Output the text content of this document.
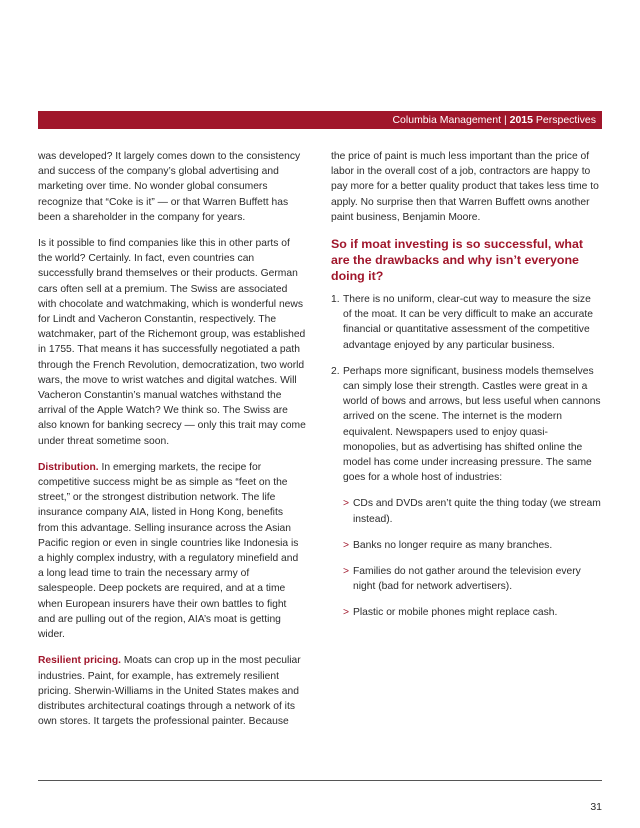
Columbia Management | 2015 Perspectives

was developed? It largely comes down to the consistency and success of the company’s global advertising and marketing over time. No wonder global consumers recognize that “Coke is it” — or that Warren Buffett has been a shareholder in the company for years.

Is it possible to find companies like this in other parts of the world? Certainly. In fact, even countries can successfully brand themselves or their products. German cars often sell at a premium. The Swiss are associated with chocolate and watchmaking, which is wonderful news for Lindt and Vacheron Constantin, respectively. The watchmaker, part of the Richemont group, was established in 1755. That means it has successfully negotiated a path through the French Revolution, democratization, two world wars, the move to wrist watches and digital watches. Will Vacheron Constantin’s manual watches withstand the arrival of the Apple Watch? We think so. The Swiss are also known for banking secrecy — only this trait may come under threat sometime soon.

Distribution. In emerging markets, the recipe for competitive success might be as simple as “feet on the street,” or the strongest distribution network. The life insurance company AIA, listed in Hong Kong, benefits from this advantage. Selling insurance across the Asian Pacific region or even in single countries like Indonesia is a highly complex industry, with a regulatory minefield and a long lead time to train the necessary army of salespeople. Deep pockets are required, and at a time when European insurers have their own battles to fight and are pulling out of the region, AIA’s moat is getting wider.

Resilient pricing. Moats can crop up in the most peculiar industries. Paint, for example, has extremely resilient pricing. Sherwin-Williams in the United States makes and distributes architectural coatings through a network of its own stores. It targets the professional painter. Because

the price of paint is much less important than the price of labor in the overall cost of a job, contractors are happy to pay more for a better quality product that takes less time to apply. No surprise then that Warren Buffett owns another paint business, Benjamin Moore.

So if moat investing is so successful, what are the drawbacks and why isn’t everyone doing it?
1. There is no uniform, clear-cut way to measure the size of the moat. It can be very difficult to make an accurate financial or quantitative assessment of the competitive advantage enjoyed by any particular business.
2. Perhaps more significant, business models themselves can simply lose their strength. Castles were great in a world of bows and arrows, but less useful when cannons arrived on the scene. The internet is the modern equivalent. Newspapers used to enjoy quasi-monopolies, but as advertising has shifted online the model has come under increasing pressure. The same goes for a whole host of industries:
> CDs and DVDs aren’t quite the thing today (we stream instead).
> Banks no longer require as many branches.
> Families do not gather around the television every night (bad for network advertisers).
> Plastic or mobile phones might replace cash.
31
